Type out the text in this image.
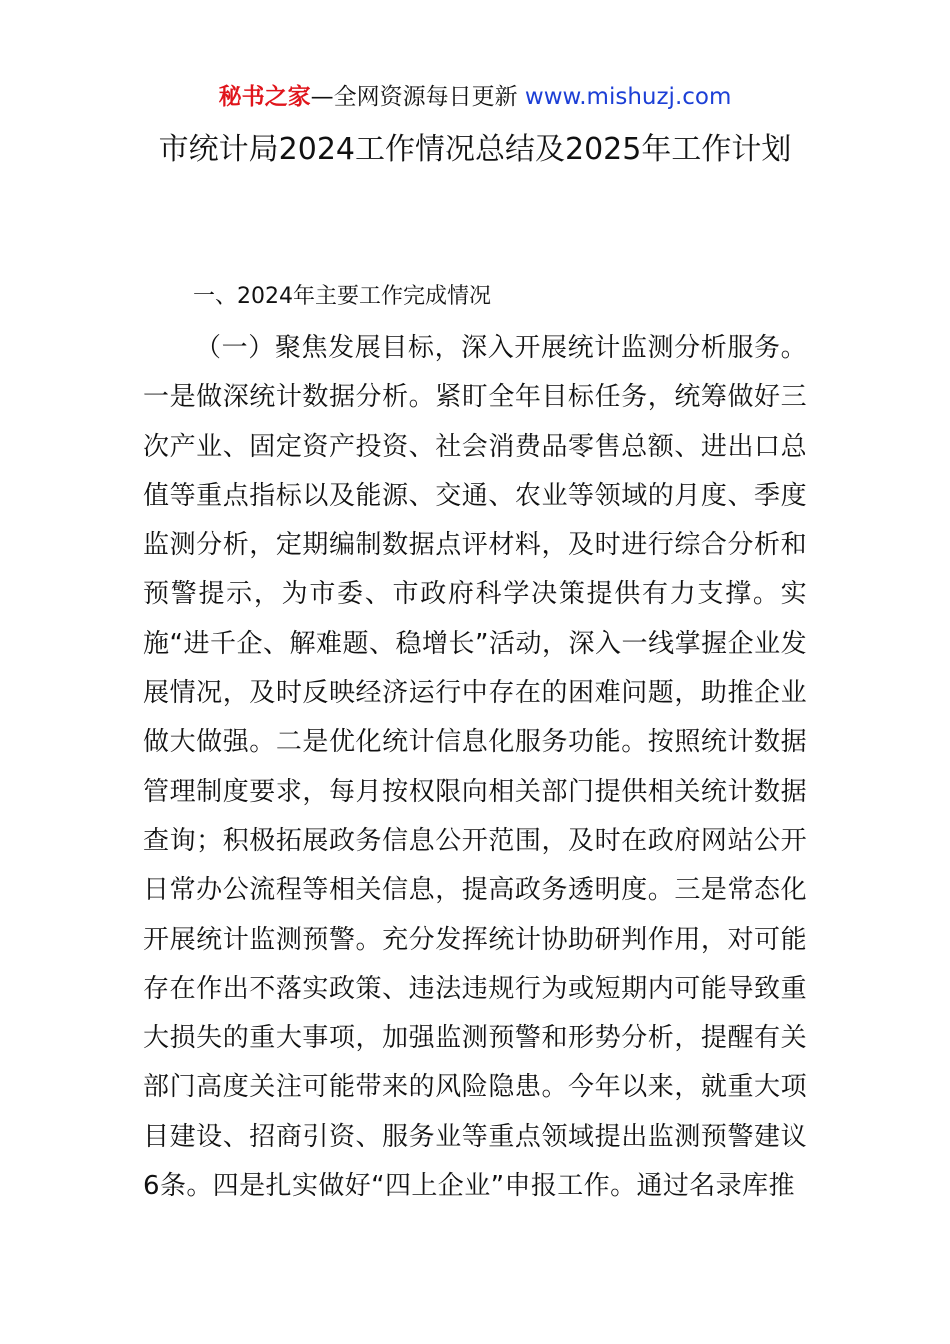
秘书之家—全网资源每日更新 www.mishuzj.com
市统计局2024工作情况总结及2025年工作计划
一、2024年主要工作完成情况

（一）聚焦发展目标，深入开展统计监测分析服务。一是做深统计数据分析。紧盯全年目标任务，统筹做好三次产业、固定资产投资、社会消费品零售总额、进出口总值等重点指标以及能源、交通、农业等领域的月度、季度监测分析，定期编制数据点评材料，及时进行综合分析和预警提示，为市委、市政府科学决策提供有力支撑。实施“进千企、解难题、稳增长”活动，深入一线掌握企业发展情况，及时反映经济运行中存在的困难问题，助推企业做大做强。二是优化统计信息化服务功能。按照统计数据管理制度要求，每月按权限向相关部门提供相关统计数据查询；积极拓展政务信息公开范围，及时在政府网站公开日常办公流程等相关信息，提高政务透明度。三是常态化开展统计监测预警。充分发挥统计协助研判作用，对可能存在作出不落实政策、违法违规行为或短期内可能导致重大损失的重大事项，加强监测预警和形势分析，提醒有关部门高度关注可能带来的风险隐患。今年以来，就重大项目建设、招商引资、服务业等重点领域提出监测预警建议6条。四是扎实做好“四上企业”申报工作。通过名录库推
